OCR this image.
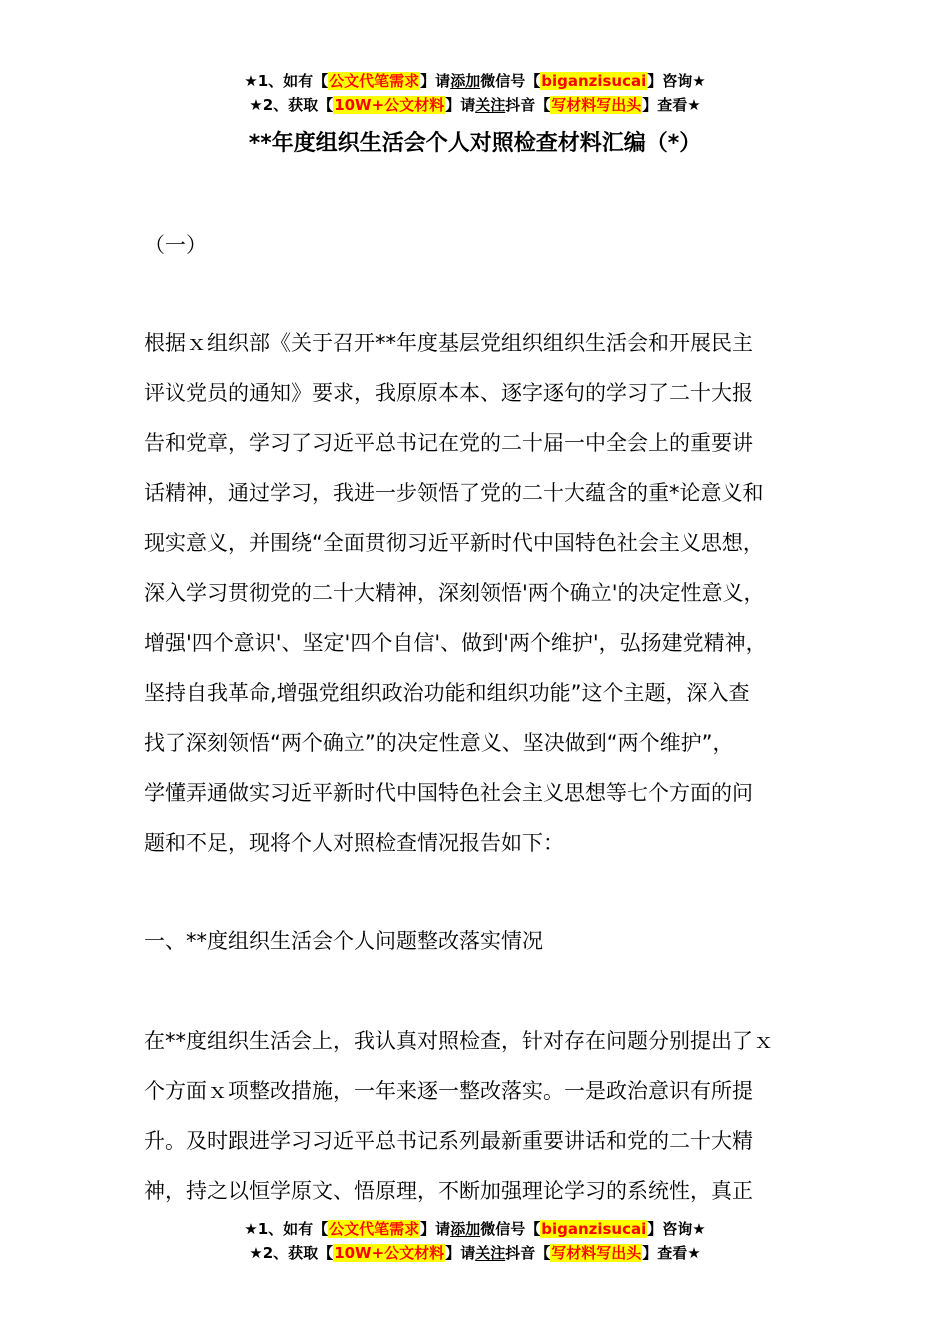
★1、如有【公文代笔需求】请添加微信号【biganzisucai】咨询★
★2、获取【10W+公文材料】请关注抖音【写材料写出头】查看★
**年度组织生活会个人对照检查材料汇编（*）
（一）
根据ｘ组织部《关于召开**年度基层党组织组织生活会和开展民主
评议党员的通知》要求，我原原本本、逐字逐句的学习了二十大报
告和党章，学习了习近平总书记在党的二十届一中全会上的重要讲
话精神，通过学习，我进一步领悟了党的二十大蕴含的重*论意义和
现实意义，并围绕“全面贯彻习近平新时代中国特色社会主义思想，
深入学习贯彻党的二十大精神，深刻领悟'两个确立'的决定性意义，
增强'四个意识'、坚定'四个自信'、做到'两个维护'，弘扬建党精神，
坚持自我革命,增强党组织政治功能和组织功能”这个主题，深入查
找了深刻领悟“两个确立”的决定性意义、坚决做到“两个维护”，
学懂弄通做实习近平新时代中国特色社会主义思想等七个方面的问
题和不足，现将个人对照检查情况报告如下：
一、**度组织生活会个人问题整改落实情况
在**度组织生活会上，我认真对照检查，针对存在问题分别提出了ｘ
个方面ｘ项整改措施，一年来逐一整改落实。一是政治意识有所提
升。及时跟进学习习近平总书记系列最新重要讲话和党的二十大精
神，持之以恒学原文、悟原理，不断加强理论学习的系统性，真正
★1、如有【公文代笔需求】请添加微信号【biganzisucai】咨询★
★2、获取【10W+公文材料】请关注抖音【写材料写出头】查看★
